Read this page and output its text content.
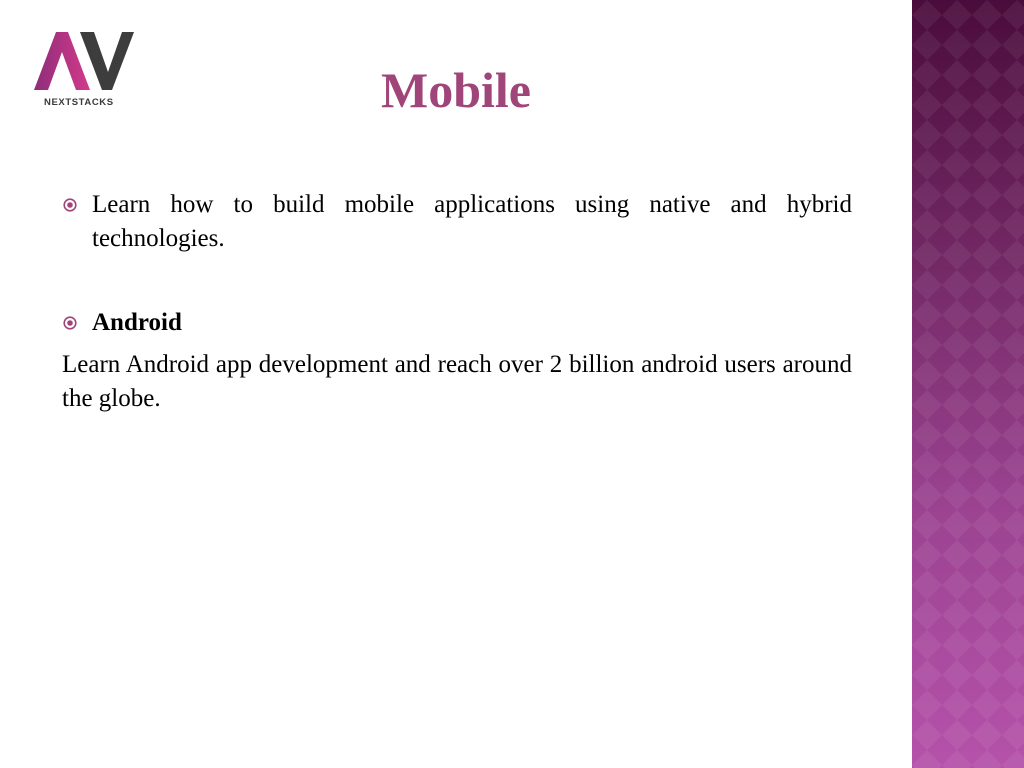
NEXTSTACKS	Mobile
Learn how to build mobile applications using native and hybrid technologies.
Android
Learn Android app development and reach over 2 billion android users around the globe.
